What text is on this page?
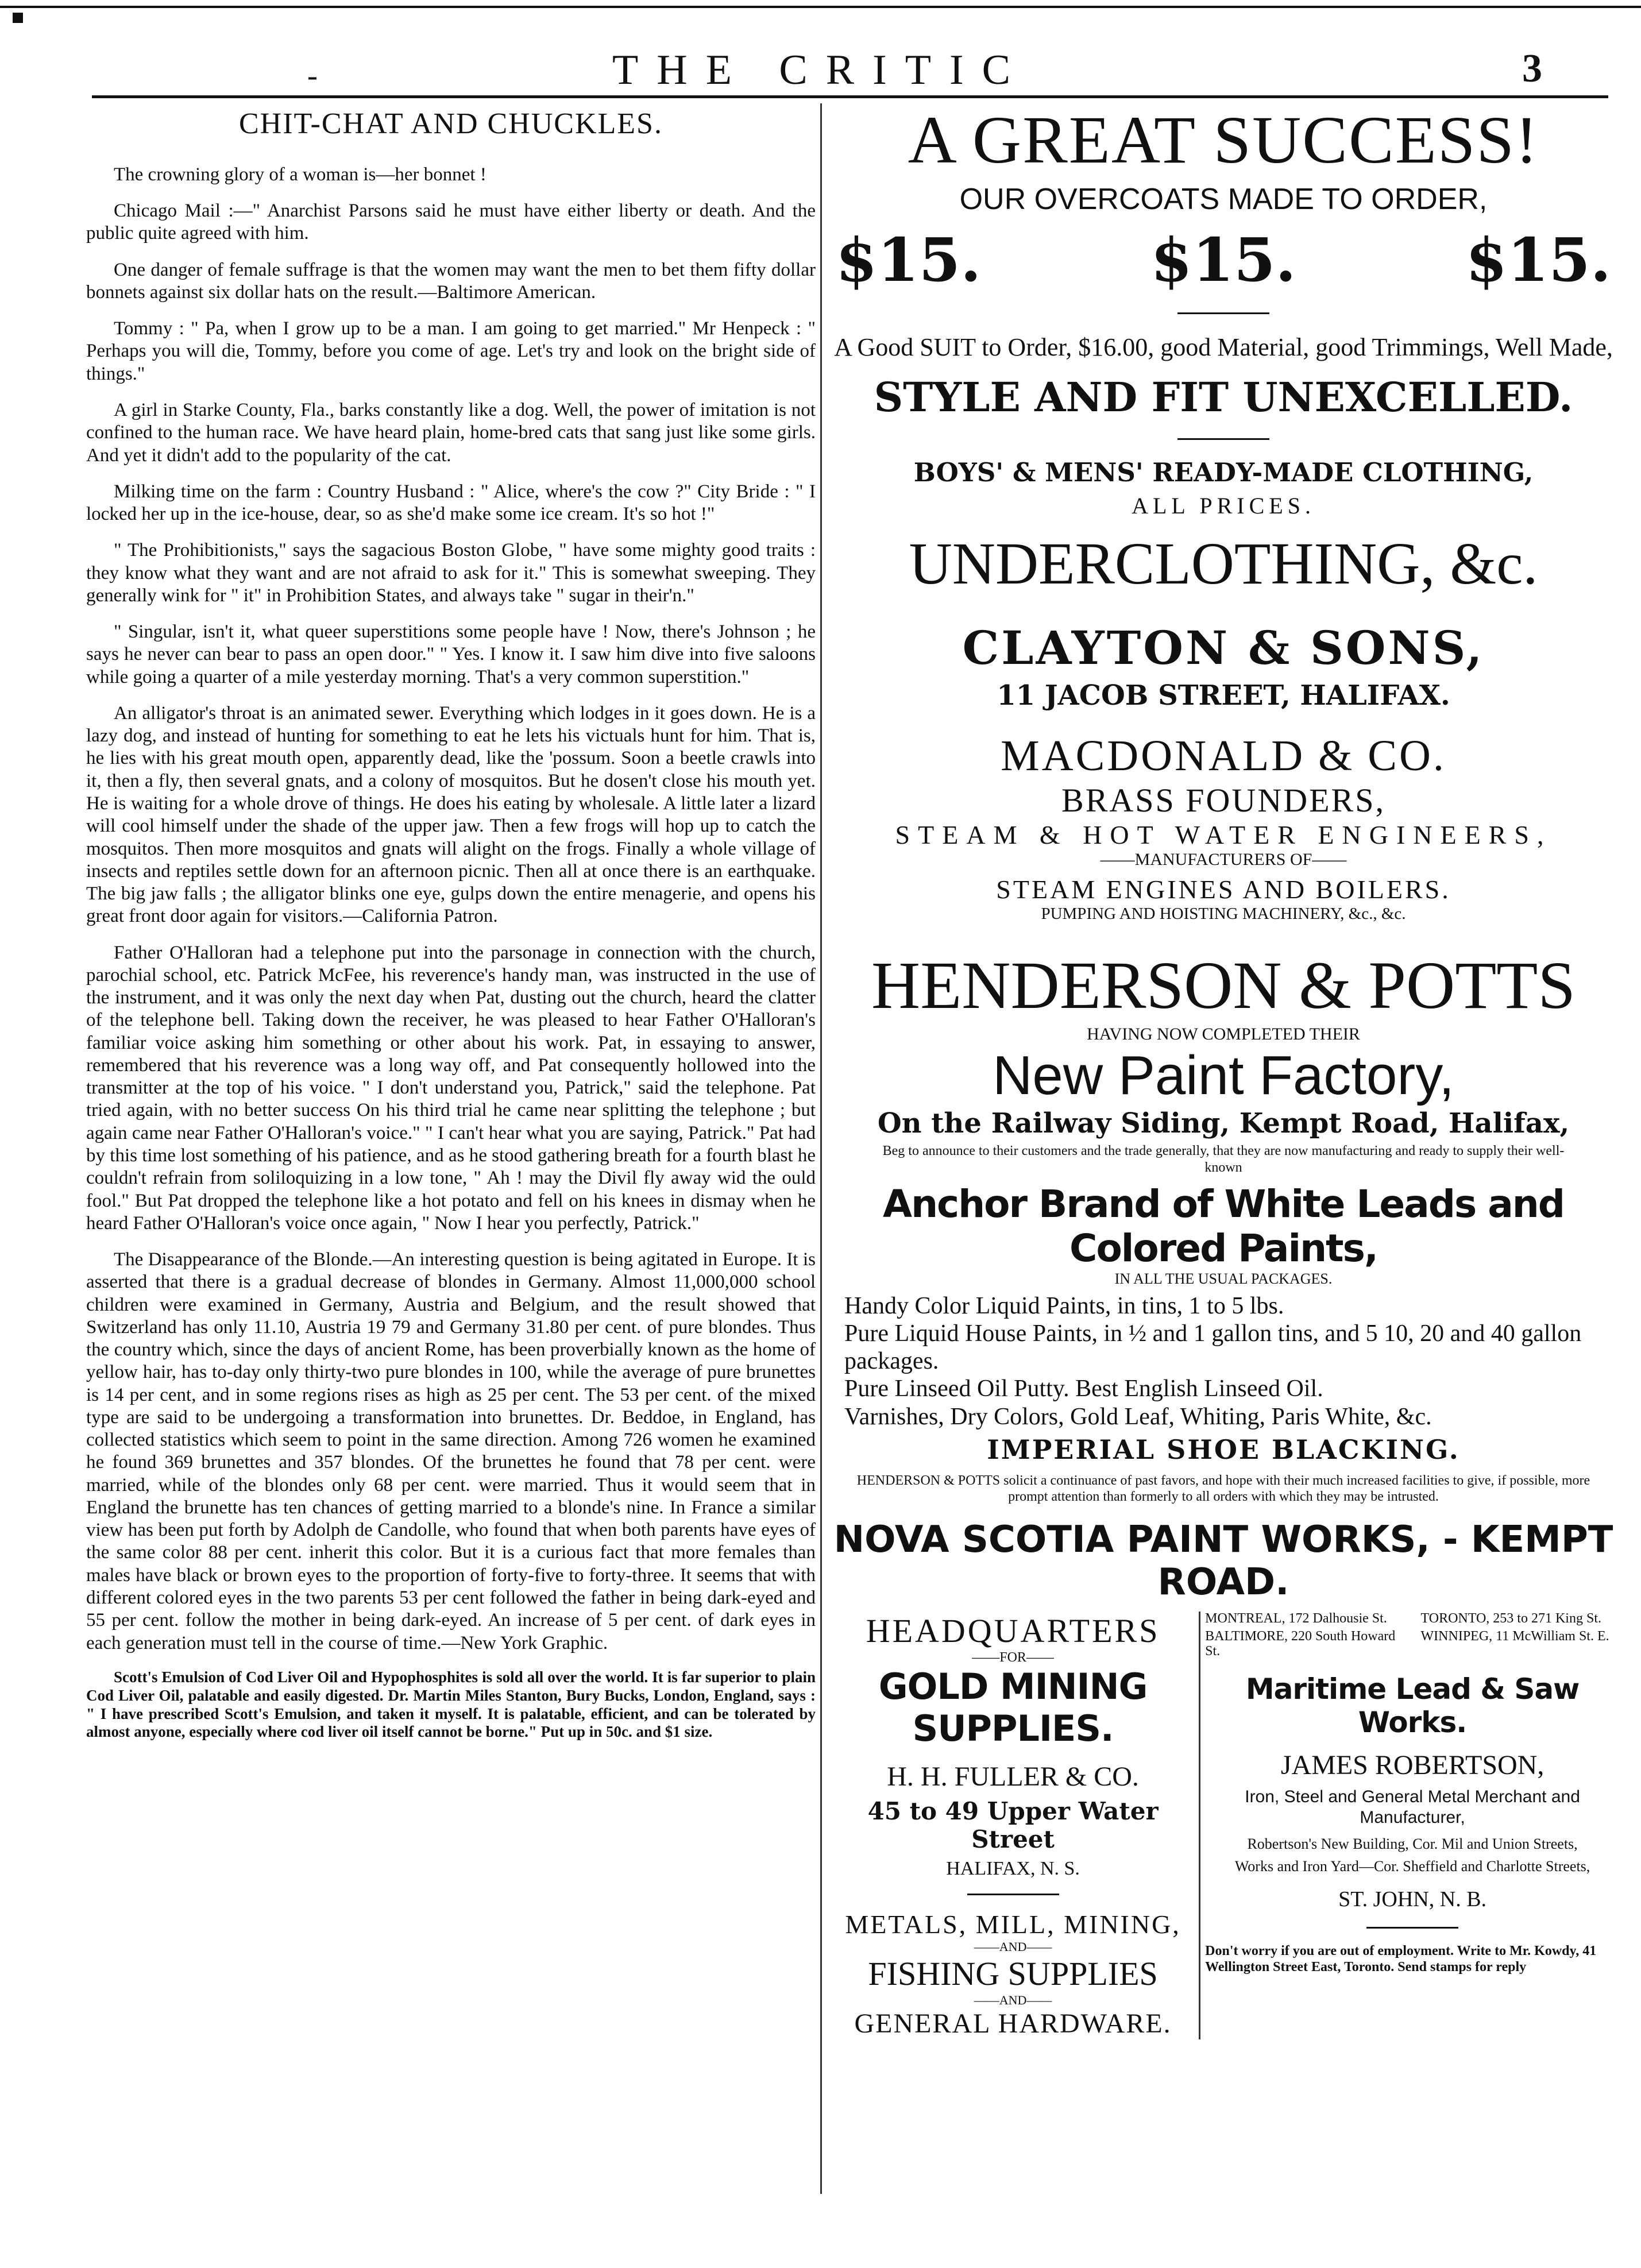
-	THE CRITIC	3
CHIT-CHAT AND CHUCKLES.

The crowning glory of a woman is—her bonnet !

Chicago Mail :—" Anarchist Parsons said he must have either liberty or death. And the public quite agreed with him.

One danger of female suffrage is that the women may want the men to bet them fifty dollar bonnets against six dollar hats on the result.—Baltimore American.

Tommy : " Pa, when I grow up to be a man. I am going to get married." Mr Henpeck : " Perhaps you will die, Tommy, before you come of age. Let's try and look on the bright side of things."

A girl in Starke County, Fla., barks constantly like a dog. Well, the power of imitation is not confined to the human race. We have heard plain, home-bred cats that sang just like some girls. And yet it didn't add to the popularity of the cat.

Milking time on the farm : Country Husband : " Alice, where's the cow ?" City Bride : " I locked her up in the ice-house, dear, so as she'd make some ice cream. It's so hot !"

" The Prohibitionists," says the sagacious Boston Globe, " have some mighty good traits : they know what they want and are not afraid to ask for it." This is somewhat sweeping. They generally wink for " it" in Prohibition States, and always take " sugar in their'n."

" Singular, isn't it, what queer superstitions some people have ! Now, there's Johnson ; he says he never can bear to pass an open door." " Yes. I know it. I saw him dive into five saloons while going a quarter of a mile yesterday morning. That's a very common superstition."

An alligator's throat is an animated sewer. Everything which lodges in it goes down. He is a lazy dog, and instead of hunting for something to eat he lets his victuals hunt for him. That is, he lies with his great mouth open, apparently dead, like the 'possum. Soon a beetle crawls into it, then a fly, then several gnats, and a colony of mosquitos. But he dosen't close his mouth yet. He is waiting for a whole drove of things. He does his eating by wholesale. A little later a lizard will cool himself under the shade of the upper jaw. Then a few frogs will hop up to catch the mosquitos. Then more mosquitos and gnats will alight on the frogs. Finally a whole village of insects and reptiles settle down for an afternoon picnic. Then all at once there is an earthquake. The big jaw falls ; the alligator blinks one eye, gulps down the entire menagerie, and opens his great front door again for visitors.—California Patron.

Father O'Halloran had a telephone put into the parsonage in connection with the church, parochial school, etc. Patrick McFee, his reverence's handy man, was instructed in the use of the instrument, and it was only the next day when Pat, dusting out the church, heard the clatter of the telephone bell. Taking down the receiver, he was pleased to hear Father O'Halloran's familiar voice asking him something or other about his work. Pat, in essaying to answer, remembered that his reverence was a long way off, and Pat consequently hollowed into the transmitter at the top of his voice. " I don't understand you, Patrick," said the telephone. Pat tried again, with no better success On his third trial he came near splitting the telephone ; but again came near Father O'Halloran's voice." " I can't hear what you are saying, Patrick." Pat had by this time lost something of his patience, and as he stood gathering breath for a fourth blast he couldn't refrain from soliloquizing in a low tone, " Ah ! may the Divil fly away wid the ould fool." But Pat dropped the telephone like a hot potato and fell on his knees in dismay when he heard Father O'Halloran's voice once again, " Now I hear you perfectly, Patrick."

The Disappearance of the Blonde.—An interesting question is being agitated in Europe. It is asserted that there is a gradual decrease of blondes in Germany. Almost 11,000,000 school children were examined in Germany, Austria and Belgium, and the result showed that Switzerland has only 11.10, Austria 19 79 and Germany 31.80 per cent. of pure blondes. Thus the country which, since the days of ancient Rome, has been proverbially known as the home of yellow hair, has to-day only thirty-two pure blondes in 100, while the average of pure brunettes is 14 per cent, and in some regions rises as high as 25 per cent. The 53 per cent. of the mixed type are said to be undergoing a transformation into brunettes. Dr. Beddoe, in England, has collected statistics which seem to point in the same direction. Among 726 women he examined he found 369 brunettes and 357 blondes. Of the brunettes he found that 78 per cent. were married, while of the blondes only 68 per cent. were married. Thus it would seem that in England the brunette has ten chances of getting married to a blonde's nine. In France a similar view has been put forth by Adolph de Candolle, who found that when both parents have eyes of the same color 88 per cent. inherit this color. But it is a curious fact that more females than males have black or brown eyes to the proportion of forty-five to forty-three. It seems that with different colored eyes in the two parents 53 per cent followed the father in being dark-eyed and 55 per cent. follow the mother in being dark-eyed. An increase of 5 per cent. of dark eyes in each generation must tell in the course of time.—New York Graphic.

Scott's Emulsion of Cod Liver Oil and Hypophosphites is sold all over the world. It is far superior to plain Cod Liver Oil, palatable and easily digested. Dr. Martin Miles Stanton, Bury Bucks, London, England, says : " I have prescribed Scott's Emulsion, and taken it myself. It is palatable, efficient, and can be tolerated by almost anyone, especially where cod liver oil itself cannot be borne." Put up in 50c. and $1 size.

A GREAT SUCCESS!
OUR OVERCOATS MADE TO ORDER,
$15.	$15.	$15.
A Good SUIT to Order, $16.00, good Material, good Trimmings, Well Made,
STYLE AND FIT UNEXCELLED.
BOYS' & MENS' READY-MADE CLOTHING,
ALL PRICES.
UNDERCLOTHING, &c.
CLAYTON & SONS,
11 JACOB STREET, HALIFAX.
MACDONALD & CO.
BRASS FOUNDERS,
STEAM & HOT WATER ENGINEERS,
——MANUFACTURERS OF——
STEAM ENGINES AND BOILERS.
PUMPING AND HOISTING MACHINERY, &c., &c.
HENDERSON & POTTS
HAVING NOW COMPLETED THEIR
New Paint Factory,
On the Railway Siding, Kempt Road, Halifax,
Beg to announce to their customers and the trade generally, that they are now manufacturing and ready to supply their well-known
Anchor Brand of White Leads and Colored Paints,
IN ALL THE USUAL PACKAGES.
Handy Color Liquid Paints, in tins, 1 to 5 lbs.
Pure Liquid House Paints, in ½ and 1 gallon tins, and 5 10, 20 and 40 gallon packages.
Pure Linseed Oil Putty. Best English Linseed Oil.
Varnishes, Dry Colors, Gold Leaf, Whiting, Paris White, &c.
IMPERIAL SHOE BLACKING.
HENDERSON & POTTS solicit a continuance of past favors, and hope with their much increased facilities to give, if possible, more prompt attention than formerly to all orders with which they may be intrusted.
NOVA SCOTIA PAINT WORKS, - KEMPT ROAD.
HEADQUARTERS
——FOR——
GOLD MINING SUPPLIES.
H. H. FULLER & CO.
45 to 49 Upper Water Street
HALIFAX, N. S.
METALS, MILL, MINING,
——AND——
FISHING SUPPLIES
——AND——
GENERAL HARDWARE.
MONTREAL, 172 Dalhousie St.	TORONTO, 253 to 271 King St.
BALTIMORE, 220 South Howard St.
WINNIPEG, 11 McWilliam St. E.
Maritime Lead & Saw Works.
JAMES ROBERTSON,
Iron, Steel and General Metal Merchant and Manufacturer,
Robertson's New Building, Cor. Mil and Union Streets,
Works and Iron Yard—Cor. Sheffield and Charlotte Streets,
ST. JOHN, N. B.
Don't worry if you are out of employment. Write to Mr. Kowdy, 41 Wellington Street East, Toronto. Send stamps for reply
